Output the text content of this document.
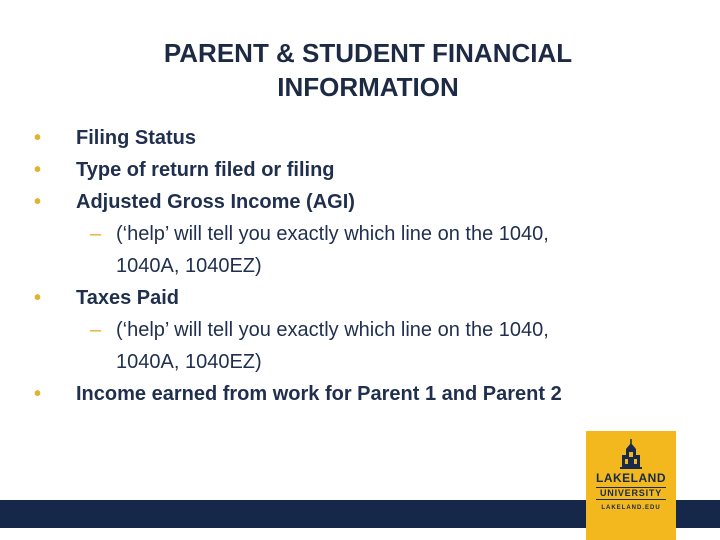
PARENT & STUDENT FINANCIAL
INFORMATION
• Filing Status
• Type of return filed or filing
• Adjusted Gross Income (AGI)
– (‘help’ will tell you exactly which line on the 1040,
1040A, 1040EZ)
• Taxes Paid
– (‘help’ will tell you exactly which line on the 1040,
1040A, 1040EZ)
• Income earned from work for Parent 1 and Parent 2
LAKELAND
UNIVERSITY
LAKELAND.EDU
